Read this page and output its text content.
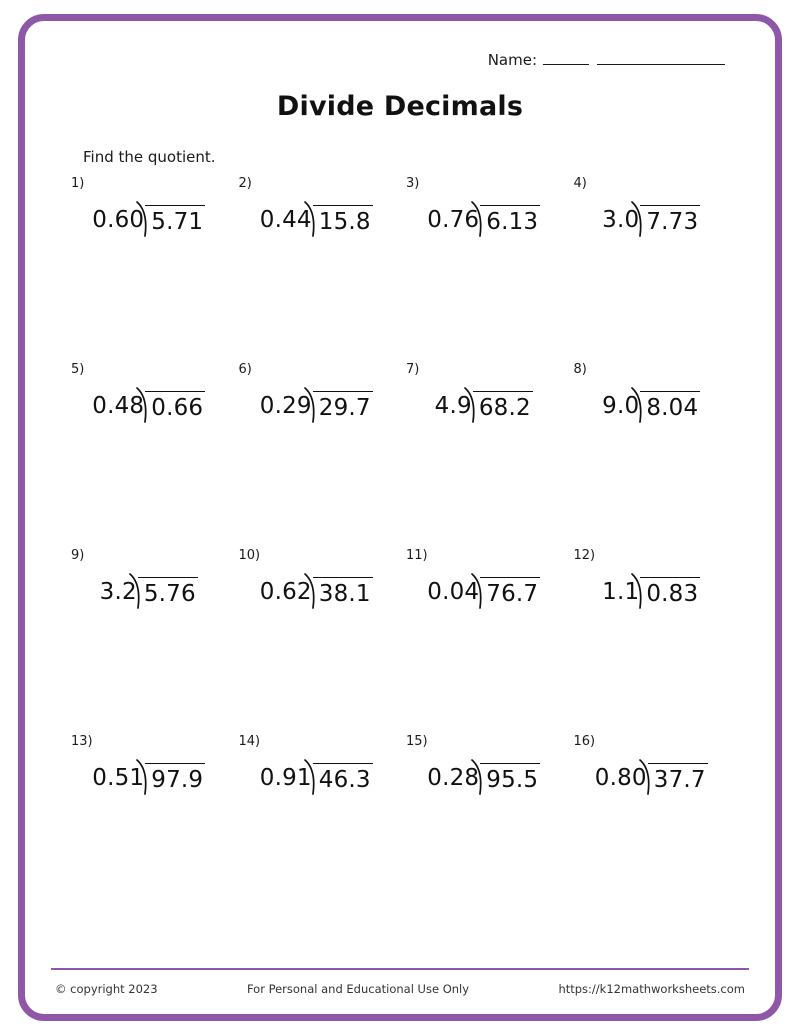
Name:
Divide Decimals
Find the quotient.
1)
0.60 5.71
2)
0.44 15.8
3)
0.76 6.13
4)
3.0 7.73
5)
0.48 0.66
6)
0.29 29.7
7)
4.9 68.2
8)
9.0 8.04
9)
3.2 5.76
10)
0.62 38.1
11)
0.04 76.7
12)
1.1 0.83
13)
0.51 97.9
14)
0.91 46.3
15)
0.28 95.5
16)
0.80 37.7
© copyright 2023	For Personal and Educational Use Only	https://k12mathworksheets.com
